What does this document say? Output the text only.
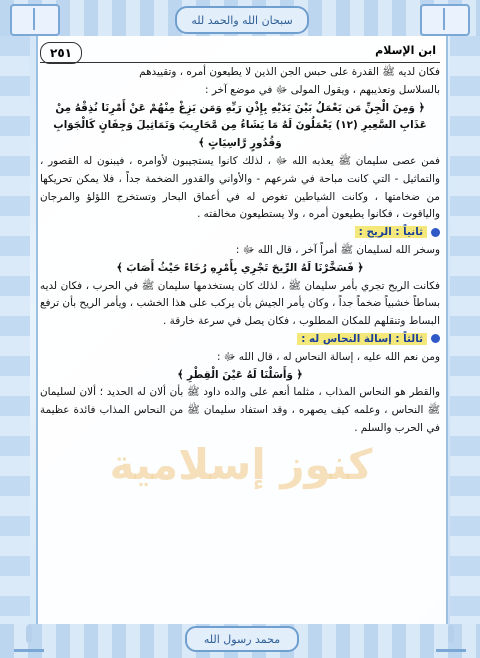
سبحان الله والحمد لله
محمد رسول الله
كنوز إسلامية
٢٥١	ابن الإسلام

فكان لديه ﷺ القدرة على حبس الجن الذين لا يطيعون أمره ، وتقييدهم

بالسلاسل وتعذيبهم ، ويقول المولى ﷻ في موضع آخر :

﴿ وَمِنَ الْجِنِّ مَن يَعْمَلُ بَيْنَ يَدَيْهِ بِإِذْنِ رَبِّهِ وَمَن يَزِغْ مِنْهُمْ عَنْ أَمْرِنَا نُذِقْهُ مِنْ عَذَابِ السَّعِيرِ (١٢) يَعْمَلُونَ لَهُ مَا يَشَاءُ مِن مَّحَارِيبَ وَتَمَاثِيلَ وَجِفَانٍ كَالْجَوَابِ وَقُدُورٍ رَّاسِيَاتٍ ﴾

فمن عصى سليمان ﷺ يعذبه الله ﷻ ، لذلك كانوا يستجيبون لأوامره ، فيبنون له القصور ، والتماثيل - التي كانت مباحة في شرعهم - والأواني والقدور الضخمة جداً ، فلا يمكن تحريكها من ضخامتها ، وكانت الشياطين تغوص له في أعماق البحار وتستخرج اللؤلؤ والمرجان والياقوت ، فكانوا يطيعون أمره ، ولا يستطيعون مخالفته .

ثانياً : الريح :

وسخر الله لسليمان ﷺ أمراً آخر ، قال الله ﷻ :

﴿ فَسَخَّرْنَا لَهُ الرِّيحَ تَجْرِي بِأَمْرِهِ رُخَاءً حَيْثُ أَصَابَ ﴾

فكانت الريح تجري بأمر سليمان ﷺ ، لذلك كان يستخدمها سليمان ﷺ في الحرب ، فكان لديه بساطاً خشبياً ضخماً جداً ، وكان يأمر الجيش بأن يركب على هذا الخشب ، ويأمر الريح بأن ترفع البساط وتنقلهم للمكان المطلوب ، فكان يصل في سرعة خارقة .

ثالثاً : إسالة النحاس له :

ومن نعم الله عليه ، إسالة النحاس له ، قال الله ﷻ :

﴿ وَأَسَلْنَا لَهُ عَيْنَ الْقِطْرِ ﴾

والقطر هو النحاس المذاب ، مثلما أنعم على والده داود ﷺ بأن ألان له الحديد ؛ ألان لسليمان ﷺ النحاس ، وعلمه كيف يصهره ، وقد استفاد سليمان ﷺ من النحاس المذاب فائدة عظيمة في الحرب والسلم .
